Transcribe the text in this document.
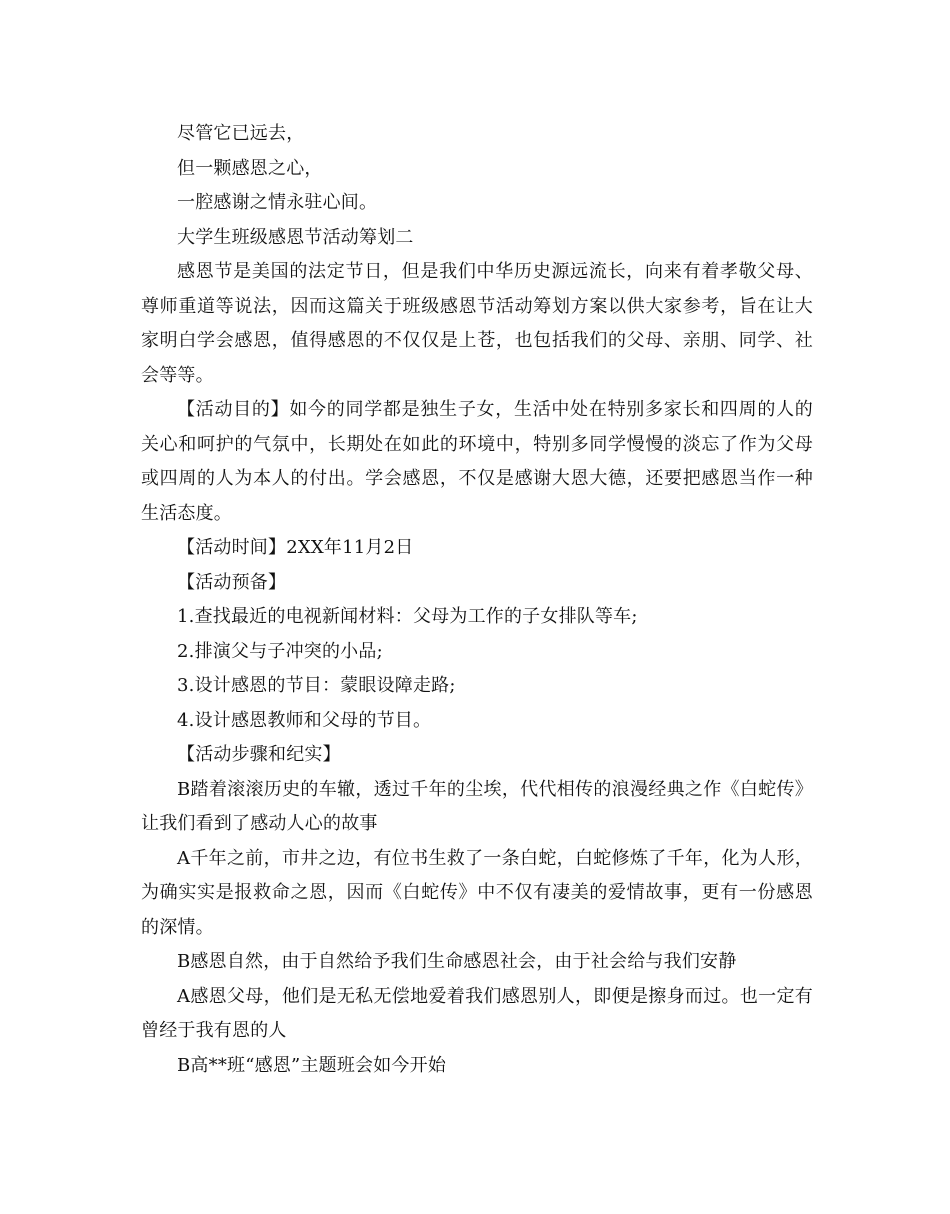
尽管它已远去，

但一颗感恩之心，

一腔感谢之情永驻心间。

大学生班级感恩节活动筹划二

感恩节是美国的法定节日，但是我们中华历史源远流长，向来有着孝敬父母、尊师重道等说法，因而这篇关于班级感恩节活动筹划方案以供大家参考，旨在让大家明白学会感恩，值得感恩的不仅仅是上苍，也包括我们的父母、亲朋、同学、社会等等。

【活动目的】如今的同学都是独生子女，生活中处在特别多家长和四周的人的关心和呵护的气氛中，长期处在如此的环境中，特别多同学慢慢的淡忘了作为父母或四周的人为本人的付出。学会感恩，不仅是感谢大恩大德，还要把感恩当作一种生活态度。

【活动时间】2XX年11月2日

【活动预备】

1.查找最近的电视新闻材料：父母为工作的子女排队等车;

2.排演父与子冲突的小品;

3.设计感恩的节目：蒙眼设障走路;

4.设计感恩教师和父母的节目。

【活动步骤和纪实】

B踏着滚滚历史的车辙，透过千年的尘埃，代代相传的浪漫经典之作《白蛇传》让我们看到了感动人心的故事

A千年之前，市井之边，有位书生救了一条白蛇，白蛇修炼了千年，化为人形，为确实实是报救命之恩，因而《白蛇传》中不仅有凄美的爱情故事，更有一份感恩的深情。

B感恩自然，由于自然给予我们生命感恩社会，由于社会给与我们安静

A感恩父母，他们是无私无偿地爱着我们感恩别人，即便是擦身而过。也一定有曾经于我有恩的人

B高**班“感恩”主题班会如今开始
